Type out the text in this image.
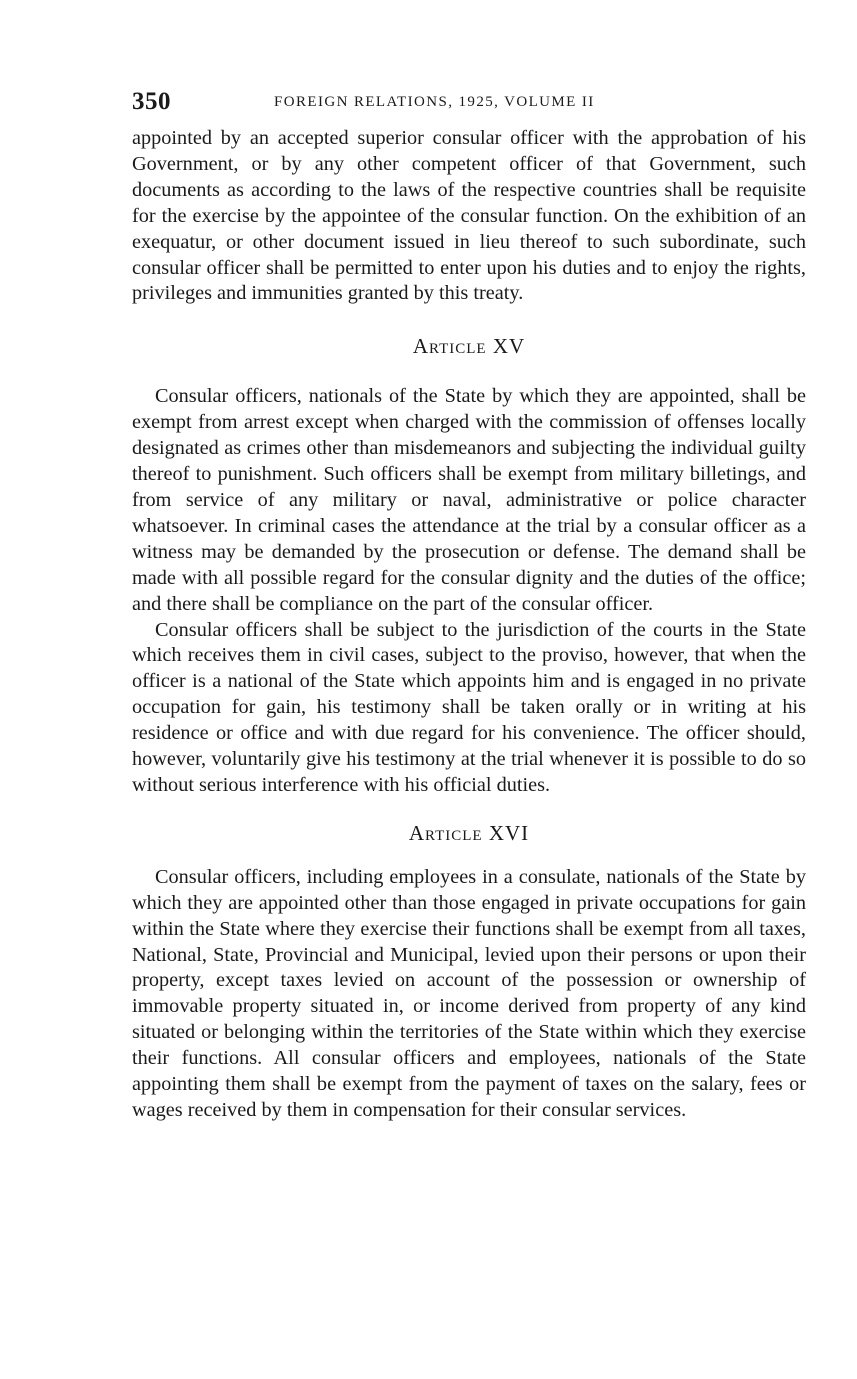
350	FOREIGN RELATIONS, 1925, VOLUME II

appointed by an accepted superior consular officer with the approbation of his Government, or by any other competent officer of that Government, such documents as according to the laws of the respective countries shall be requisite for the exercise by the appointee of the consular function. On the exhibition of an exequatur, or other document issued in lieu thereof to such subordinate, such consular officer shall be permitted to enter upon his duties and to enjoy the rights, privileges and immunities granted by this treaty.

Article XV

Consular officers, nationals of the State by which they are appointed, shall be exempt from arrest except when charged with the commission of offenses locally designated as crimes other than misdemeanors and subjecting the individual guilty thereof to punishment. Such officers shall be exempt from military billetings, and from service of any military or naval, administrative or police character whatsoever. In criminal cases the attendance at the trial by a consular officer as a witness may be demanded by the prosecution or defense. The demand shall be made with all possible regard for the consular dignity and the duties of the office; and there shall be compliance on the part of the consular officer.

Consular officers shall be subject to the jurisdiction of the courts in the State which receives them in civil cases, subject to the proviso, however, that when the officer is a national of the State which appoints him and is engaged in no private occupation for gain, his testimony shall be taken orally or in writing at his residence or office and with due regard for his convenience. The officer should, however, voluntarily give his testimony at the trial whenever it is possible to do so without serious interference with his official duties.

Article XVI

Consular officers, including employees in a consulate, nationals of the State by which they are appointed other than those engaged in private occupations for gain within the State where they exercise their functions shall be exempt from all taxes, National, State, Provincial and Municipal, levied upon their persons or upon their property, except taxes levied on account of the possession or ownership of immovable property situated in, or income derived from property of any kind situated or belonging within the territories of the State within which they exercise their functions. All consular officers and employees, nationals of the State appointing them shall be exempt from the payment of taxes on the salary, fees or wages received by them in compensation for their consular services.
